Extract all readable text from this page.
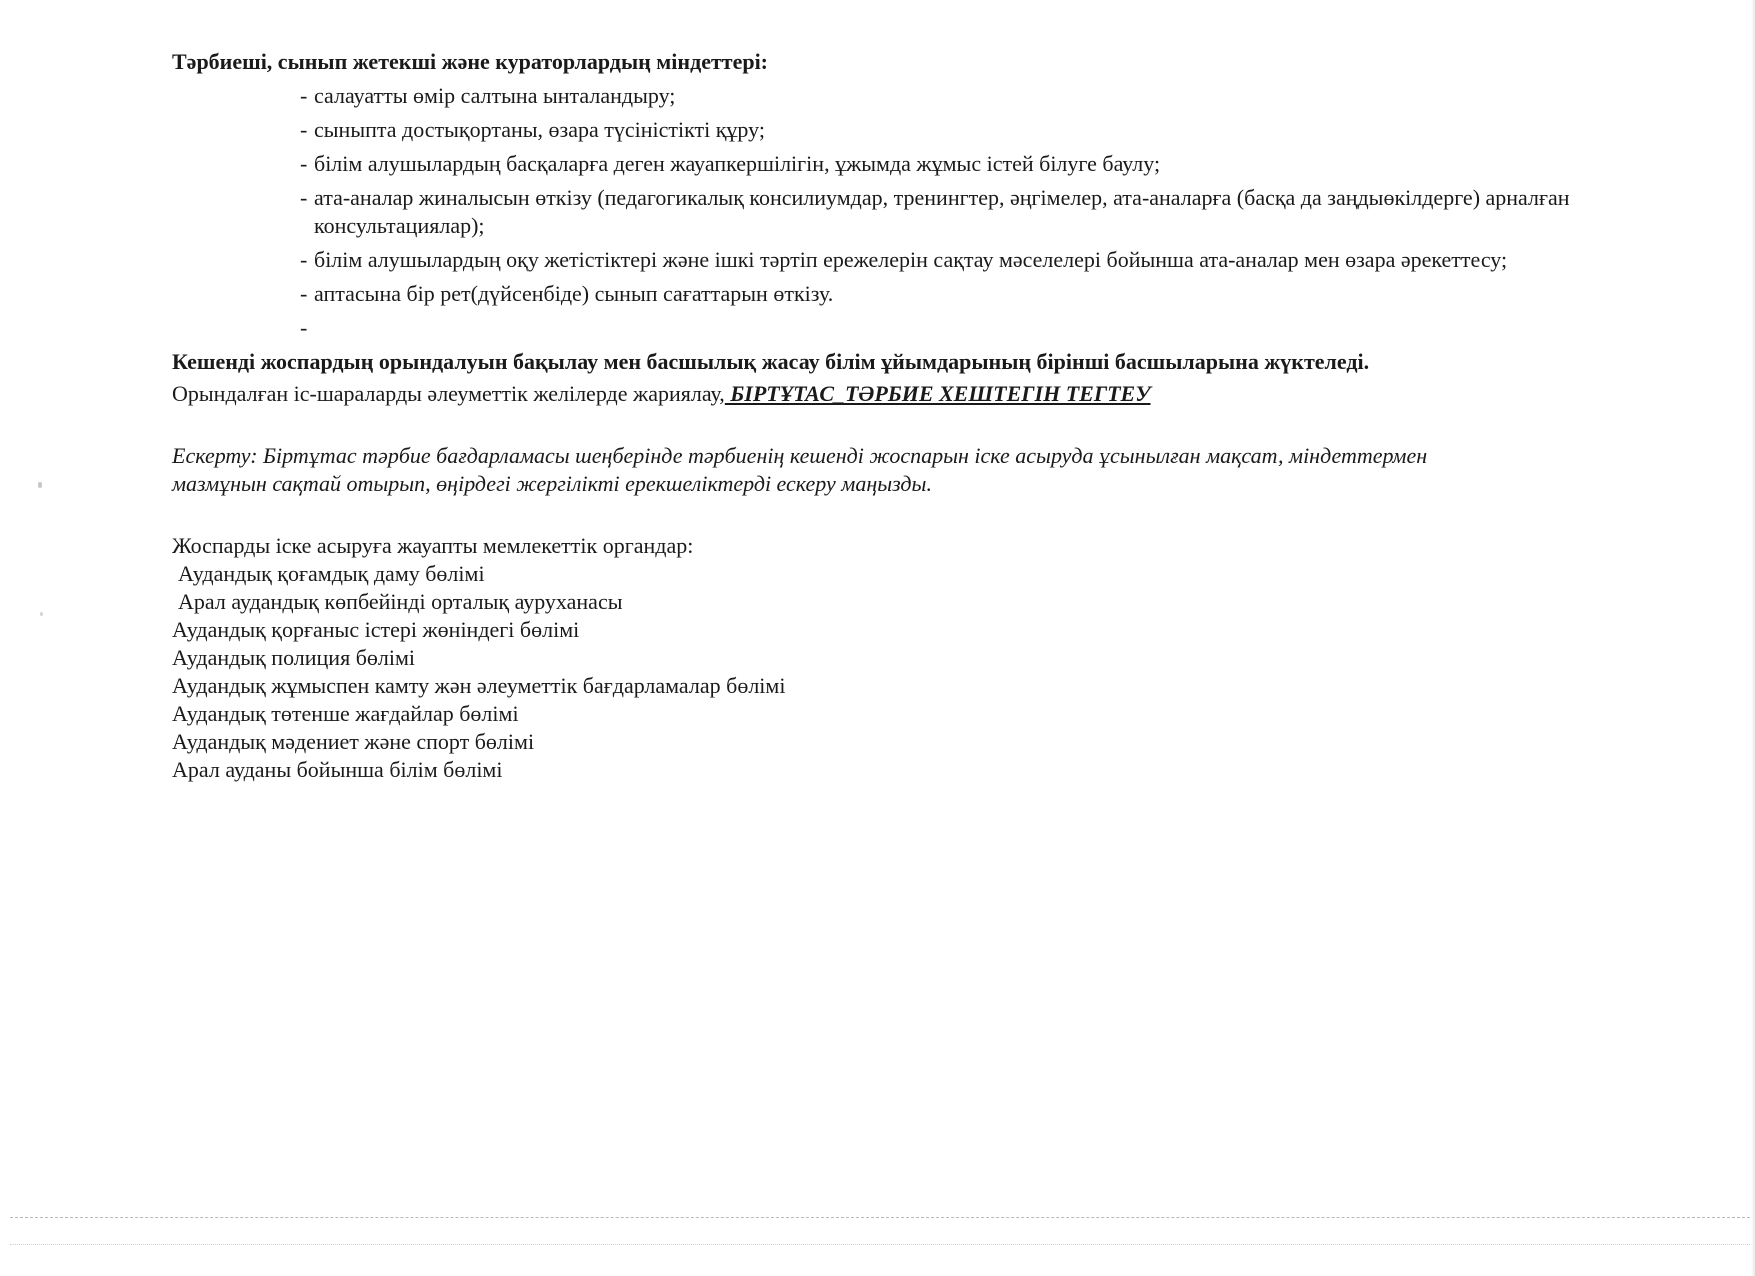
Тәрбиеші, сынып жетекші және кураторлардың міндеттері:

- салауатты өмір салтына ынталандыру;
- сыныпта достықортаны, өзара түсіністікті құру;
- білім алушылардың басқаларға деген жауапкершілігін, ұжымда жұмыс істей білуге баулу;
- ата-аналар жиналысын өткізу (педагогикалық консилиумдар, тренингтер, әңгімелер, ата-аналарға (басқа да заңдыөкілдерге) арналған консультациялар);
- білім алушылардың оқу жетістіктері және ішкі тәртіп ережелерін сақтау мәселелері бойынша ата-аналар мен өзара әрекеттесу;
- аптасына бір рет(дүйсенбіде) сынып сағаттарын өткізу.
-

Кешенді жоспардың орындалуын бақылау мен басшылық жасау білім ұйымдарының бірінші басшыларына жүктеледі.

Орындалған іс-шараларды әлеуметтік желілерде жариялау, БІРТҰТАС_ТӘРБИЕ ХЕШТЕГІН ТЕГТЕУ

Ескерту: Біртұтас тәрбие бағдарламасы шеңберінде тәрбиенің кешенді жоспарын іске асыруда ұсынылған мақсат, міндеттермен мазмұнын сақтай отырып, өңірдегі жергілікті ерекшеліктерді ескеру маңызды.

Жоспарды іске асыруға жауапты мемлекеттік органдар:

Аудандық қоғамдық даму бөлімі
Арал аудандық көпбейінді орталық ауруханасы
Аудандық қорғаныс істері жөніндегі бөлімі
Аудандық полиция бөлімі
Аудандық жұмыспен камту жән әлеуметтік бағдарламалар бөлімі
Аудандық төтенше жағдайлар бөлімі
Аудандық мәдениет және спорт бөлімі
Арал ауданы бойынша білім бөлімі
